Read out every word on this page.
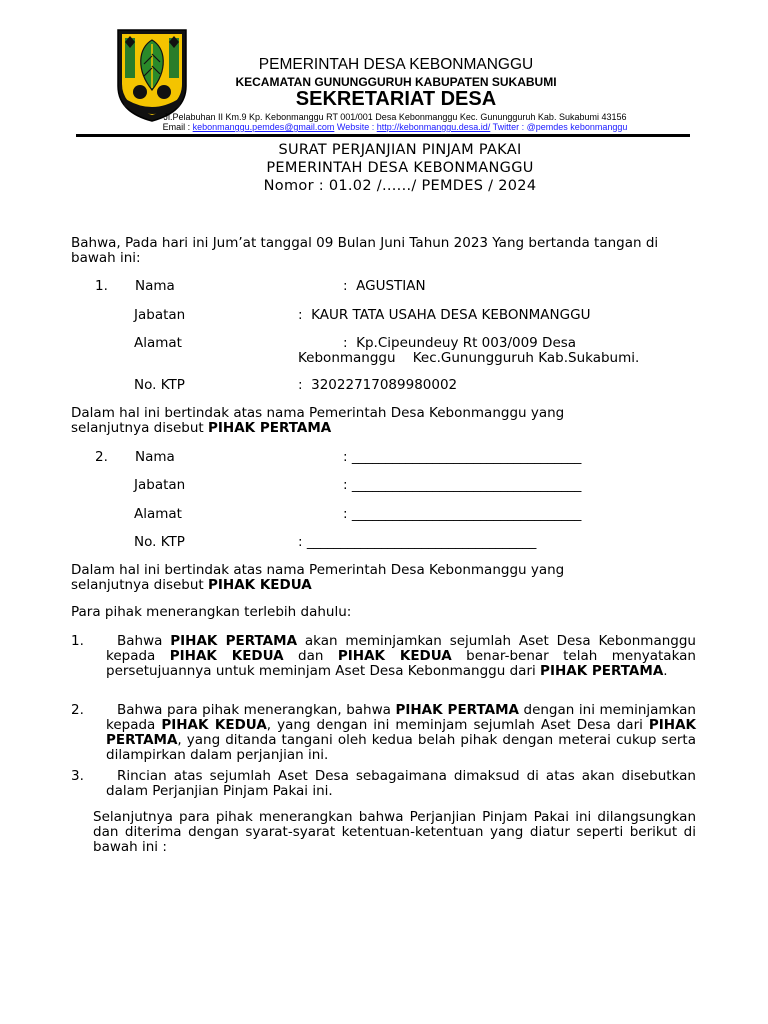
PEMERINTAH DESA KEBONMANGGU
KECAMATAN GUNUNGGURUH KABUPATEN SUKABUMI
SEKRETARIAT DESA
Jl.Pelabuhan II Km.9 Kp. Kebonmanggu RT 001/001 Desa Kebonmanggu Kec. Gunungguruh Kab. Sukabumi 43156
Email : kebonmanggu.pemdes@gmail.com Website : http://kebonmanggu.desa.id/ Twitter : @pemdes kebonmanggu
SURAT PERJANJIAN PINJAM PAKAI
PEMERINTAH DESA KEBONMANGGU
Nomor : 01.02 /....../ PEMDES / 2024
Bahwa, Pada hari ini Jum’at tanggal 09 Bulan Juni Tahun 2023 Yang bertanda tangan di bawah ini:
1. Nama	:  AGUSTIAN
Jabatan	:  KAUR TATA USAHA DESA KEBONMANGGU
Alamat	:  Kp.Cipeundeuy Rt 003/009 Desa
Kebonmanggu    Kec.Gunungguruh Kab.Sukabumi.
No. KTP	:  32022717089980002
Dalam hal ini bertindak atas nama Pemerintah Desa Kebonmanggu yang selanjutnya disebut PIHAK PERTAMA
2. Nama	: __________________________________
Jabatan	: __________________________________
Alamat	: __________________________________
No. KTP	: __________________________________
Dalam hal ini bertindak atas nama Pemerintah Desa Kebonmanggu yang selanjutnya disebut PIHAK KEDUA
Para pihak menerangkan terlebih dahulu:
1.	Bahwa PIHAK PERTAMA akan meminjamkan sejumlah Aset Desa Kebonmanggu kepada PIHAK KEDUA dan PIHAK KEDUA benar-benar telah menyatakan persetujuannya untuk meminjam Aset Desa Kebonmanggu dari PIHAK PERTAMA.
2.	Bahwa para pihak menerangkan, bahwa PIHAK PERTAMA dengan ini meminjamkan kepada PIHAK KEDUA, yang dengan ini meminjam sejumlah Aset Desa dari PIHAK PERTAMA, yang ditanda tangani oleh kedua belah pihak dengan meterai cukup serta dilampirkan dalam perjanjian ini.
3.	Rincian atas sejumlah Aset Desa sebagaimana dimaksud di atas akan disebutkan dalam Perjanjian Pinjam Pakai ini.
Selanjutnya para pihak menerangkan bahwa Perjanjian Pinjam Pakai ini dilangsungkan dan diterima dengan syarat-syarat ketentuan-ketentuan yang diatur seperti berikut di bawah ini :
